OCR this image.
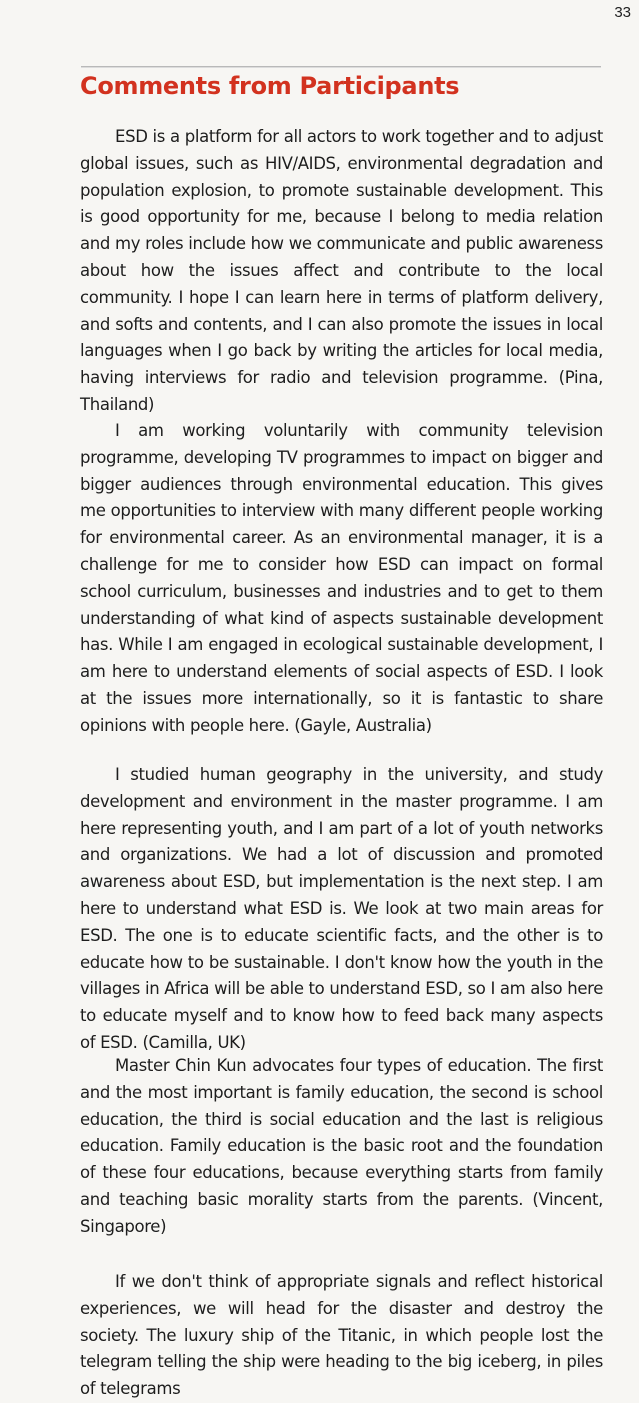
33
Comments from Participants

ESD is a platform for all actors to work together and to adjust global issues, such as HIV/AIDS, environmental degradation and population explosion, to promote sustainable development. This is good opportunity for me, because I belong to media relation and my roles include how we communicate and public awareness about how the issues affect and contribute to the local community. I hope I can learn here in terms of platform delivery, and softs and contents, and I can also promote the issues in local languages when I go back by writing the articles for local media, having interviews for radio and television programme. (Pina, Thailand)

I am working voluntarily with community television programme, developing TV programmes to impact on bigger and bigger audiences through environmental education. This gives me opportunities to interview with many different people working for environmental career. As an environmental manager, it is a challenge for me to consider how ESD can impact on formal school curriculum, businesses and industries and to get to them understanding of what kind of aspects sustainable development has. While I am engaged in ecological sustainable development, I am here to understand elements of social aspects of ESD. I look at the issues more internationally, so it is fantastic to share opinions with people here. (Gayle, Australia)

I studied human geography in the university, and study development and environment in the master programme. I am here representing youth, and I am part of a lot of youth networks and organizations. We had a lot of discussion and promoted awareness about ESD, but implementation is the next step. I am here to understand what ESD is. We look at two main areas for ESD. The one is to educate scientific facts, and the other is to educate how to be sustainable. I don't know how the youth in the villages in Africa will be able to understand ESD, so I am also here to educate myself and to know how to feed back many aspects of ESD. (Camilla, UK)

Master Chin Kun advocates four types of education. The first and the most important is family education, the second is school education, the third is social education and the last is religious education. Family education is the basic root and the foundation of these four educations, because everything starts from family and teaching basic morality starts from the parents. (Vincent, Singapore)

If we don't think of appropriate signals and reflect historical experiences, we will head for the disaster and destroy the society. The luxury ship of the Titanic, in which people lost the telegram telling the ship were heading to the big iceberg, in piles of telegrams
